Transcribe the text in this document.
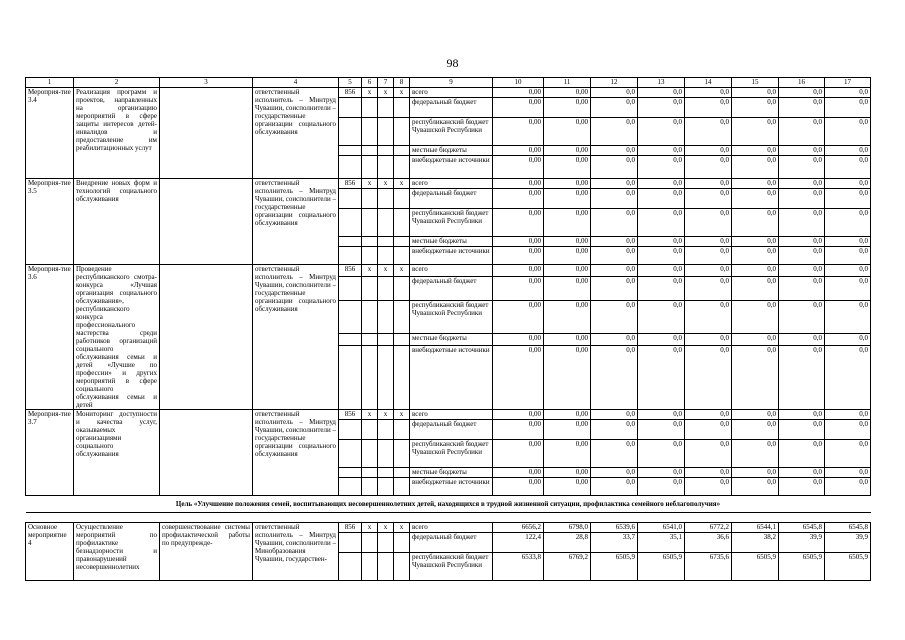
98
1	2	3	4	5	6	7	8	9	10	11	12	13	14	15	16	17
Мероприя-тие 3.4	Реализация программ и проектов, направленных на организацию мероприятий в сфере защиты интересов детей-инвалидов и предоставление им реабилитационных услут		ответственный исполнитель – Минтруд Чувашии, соисполнители – государственные организации социального обслуживания	856	x	x	x	всего	0,00	0,00	0,0	0,0	0,0	0,0	0,0	0,0
								федеральный бюджет	0,00	0,00	0,0	0,0	0,0	0,0	0,0	0,0
								республиканский бюджет Чувашской Республики	0,00	0,00	0,0	0,0	0,0	0,0	0,0	0,0
								местные бюджеты	0,00	0,00	0,0	0,0	0,0	0,0	0,0	0,0
								внебюджетные источники	0,00	0,00	0,0	0,0	0,0	0,0	0,0	0,0
Мероприя-тие 3.5	Внедрение новых форм и технологий социального обслуживания		ответственный исполнитель – Минтруд Чувашии, соисполнители – государственные организации социального обслуживания	856	x	x	x	всего	0,00	0,00	0,0	0,0	0,0	0,0	0,0	0,0
								федеральный бюджет	0,00	0,00	0,0	0,0	0,0	0,0	0,0	0,0
								республиканский бюджет Чувашской Республики	0,00	0,00	0,0	0,0	0,0	0,0	0,0	0,0
								местные бюджеты	0,00	0,00	0,0	0,0	0,0	0,0	0,0	0,0
								внебюджетные источники	0,00	0,00	0,0	0,0	0,0	0,0	0,0	0,0
Мероприя-тие 3.6	Проведение республиканского смотра-конкурса «Лучшая организация социального обслуживания», республиканского конкурса профессионального мастерства среди работников организаций социального обслуживания семьи и детей «Лучшие по профессии» и других мероприятий в сфере социального обслуживания семьи и детей		ответственный исполнитель – Минтруд Чувашии, соисполнители – государственные организации социального обслуживания	856	x	x	x	всего	0,00	0,00	0,0	0,0	0,0	0,0	0,0	0,0
								федеральный бюджет	0,00	0,00	0,0	0,0	0,0	0,0	0,0	0,0
								республиканский бюджет Чувашской Республики	0,00	0,00	0,0	0,0	0,0	0,0	0,0	0,0
								местные бюджеты	0,00	0,00	0,0	0,0	0,0	0,0	0,0	0,0
								внебюджетные источники	0,00	0,00	0,0	0,0	0,0	0,0	0,0	0,0
Мероприя-тие 3.7	Мониторинг доступности и качества услуг, оказываемых организациями социального обслуживания		ответственный исполнитель – Минтруд Чувашии, соисполнители – государственные организации социального обслуживания	856	x	x	x	всего	0,00	0,00	0,0	0,0	0,0	0,0	0,0	0,0
								федеральный бюджет	0,00	0,00	0,0	0,0	0,0	0,0	0,0	0,0
								республиканский бюджет Чувашской Республики	0,00	0,00	0,0	0,0	0,0	0,0	0,0	0,0
								местные бюджеты	0,00	0,00	0,0	0,0	0,0	0,0	0,0	0,0
								внебюджетные источники	0,00	0,00	0,0	0,0	0,0	0,0	0,0	0,0
Цель «Улучшение положения семей, воспитывающих несовершеннолетних детей, находящихся в трудной жизненной ситуации, профилактика семейного неблагополучия»																

Основное мероприятие 4	Осуществление мероприятий по профилактике безнадзорности и правонарушений несовершеннолетних	совершенствование системы профилактической работы по предупрежде-	ответственный исполнитель – Минтруд Чувашии, соисполнители – Минобразования Чувашии, государствен-	856	x	x	x	всего	6656,2	6798,0	6539,6	6541,0	6772,2	6544,1	6545,8	6545,8
								федеральный бюджет	122,4	28,8	33,7	35,1	36,6	38,2	39,9	39,9
								республиканский бюджет Чувашской Республики	6533,8	6769,2	6505,9	6505,9	6735,6	6505,9	6505,9	6505,9
